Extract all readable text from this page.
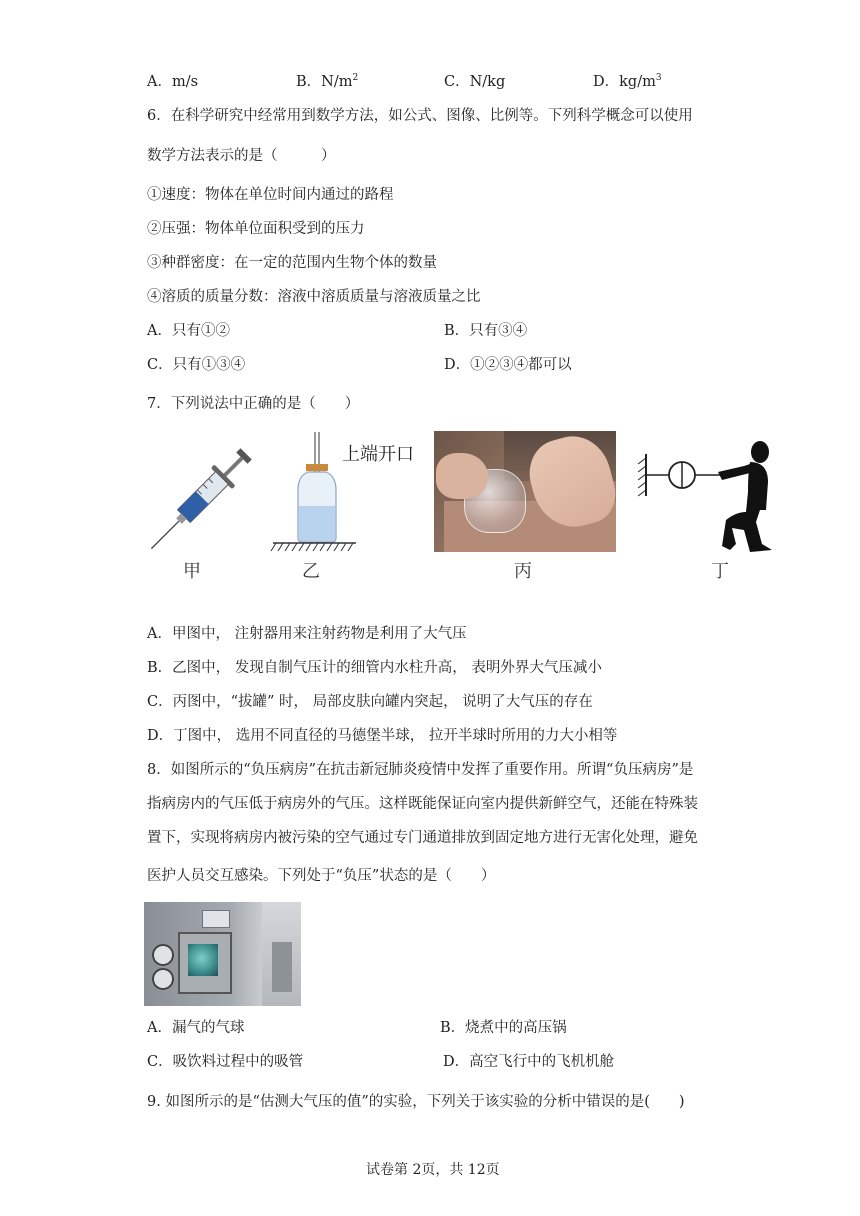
A．m/s	B．$N/m^2$	C．N/kg	D．$kg/m^3$
6．在科学研究中经常用到数学方法，如公式、图像、比例等。下列科学概念可以使用
数学方法表示的是（　　　）
①速度：物体在单位时间内通过的路程
②压强：物体单位面积受到的压力
③种群密度：在一定的范围内生物个体的数量
④溶质的质量分数：溶液中溶质质量与溶液质量之比
A．只有①②	B．只有③④
C．只有①③④	D．①②③④都可以
7．下列说法中正确的是（　　）
甲
上端开口
乙	丙	丁
A．甲图中， 注射器用来注射药物是利用了大气压
B．乙图中， 发现自制气压计的细管内水柱升高， 表明外界大气压减小
C．丙图中，“拔罐” 时， 局部皮肤向罐内突起， 说明了大气压的存在
D．丁图中， 选用不同直径的马德堡半球， 拉开半球时所用的力大小相等
8．如图所示的“负压病房”在抗击新冠肺炎疫情中发挥了重要作用。所谓“负压病房”是
指病房内的气压低于病房外的气压。这样既能保证向室内提供新鲜空气，还能在特殊装
置下，实现将病房内被污染的空气通过专门通道排放到固定地方进行无害化处理，避免
医护人员交互感染。下列处于“负压”状态的是（　　）
A．漏气的气球	B．烧煮中的高压锅
C．吸饮料过程中的吸管	D．高空飞行中的飞机机舱
9. 如图所示的是“估测大气压的值”的实验，下列关于该实验的分析中错误的是(　　)
试卷第 2页，共 12页
